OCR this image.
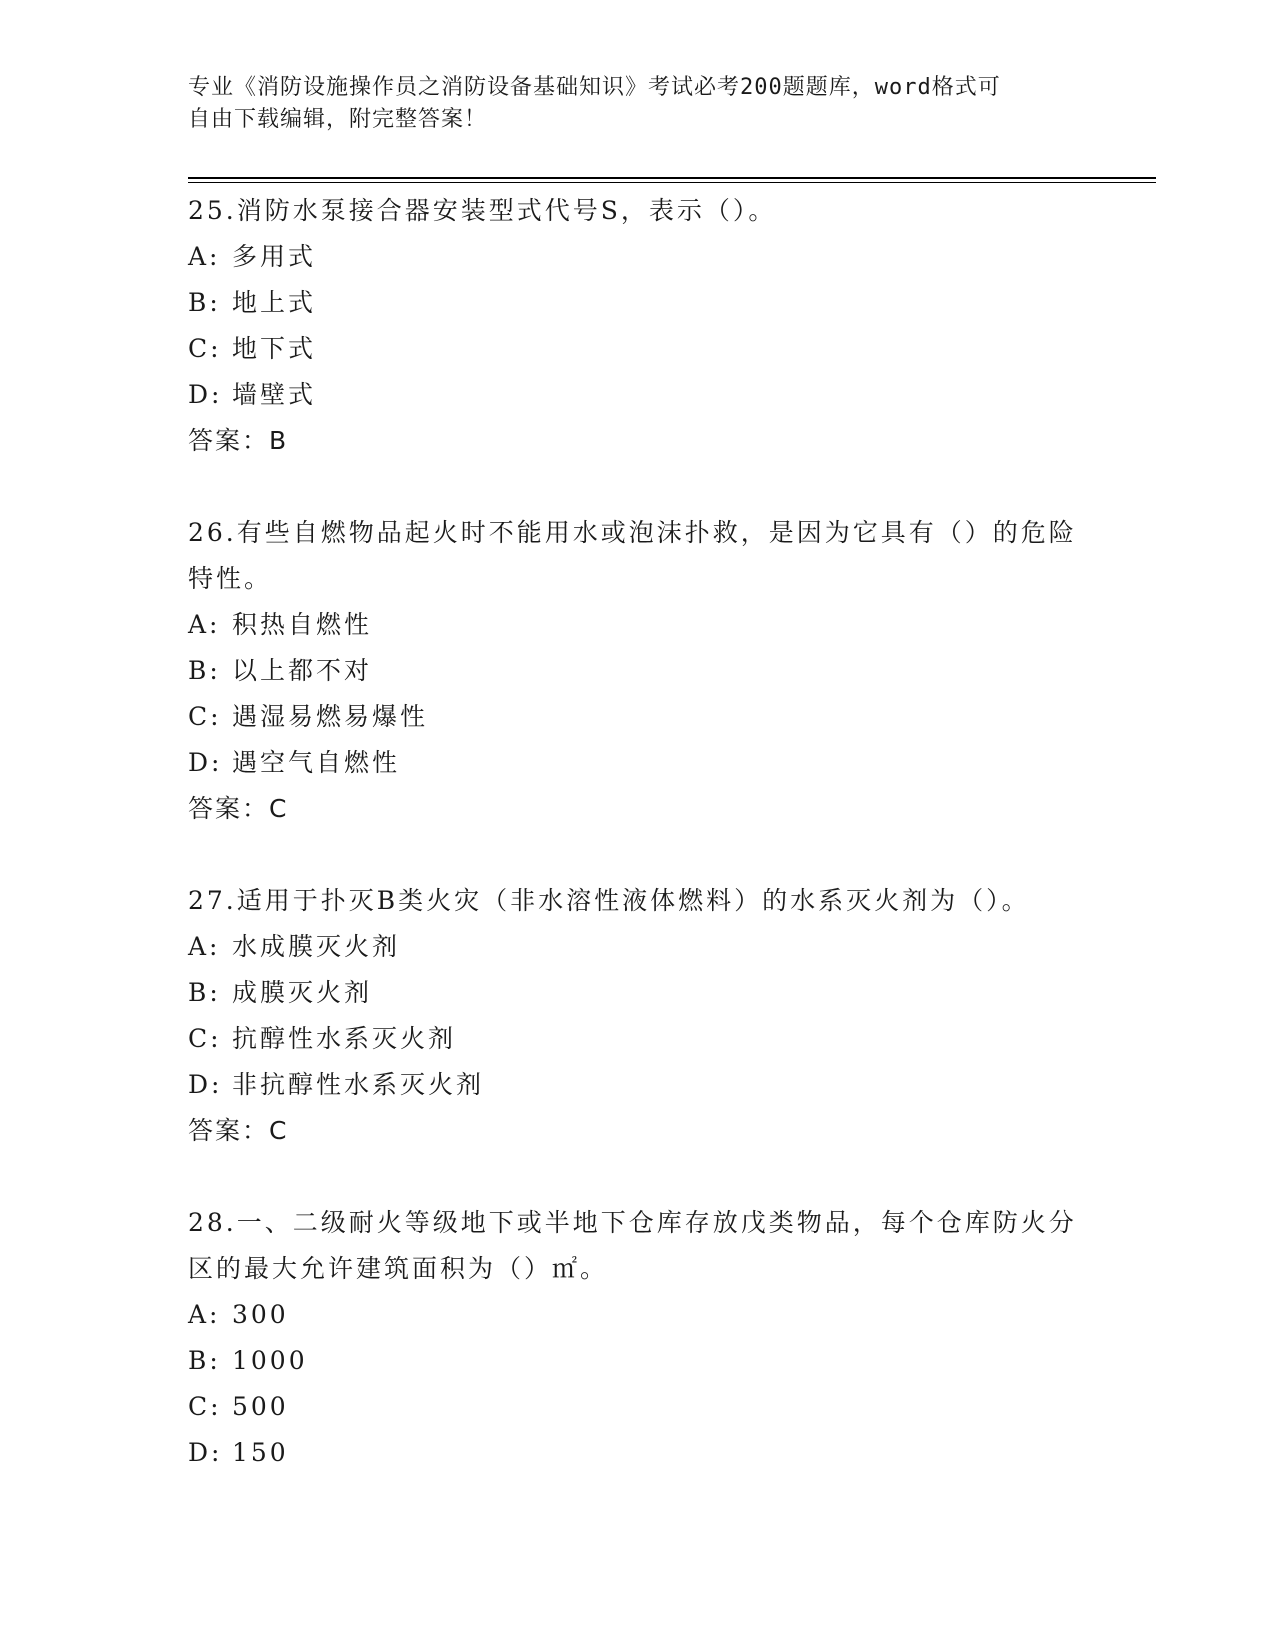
专业《消防设施操作员之消防设备基础知识》考试必考200题题库，word格式可
自由下载编辑，附完整答案！
25.消防水泵接合器安装型式代号S，表示（）。
A: 多用式
B: 地上式
C: 地下式
D: 墙壁式
答案：B
26.有些自燃物品起火时不能用水或泡沫扑救，是因为它具有（）的危险特性。
A: 积热自燃性
B: 以上都不对
C: 遇湿易燃易爆性
D: 遇空气自燃性
答案：C
27.适用于扑灭B类火灾（非水溶性液体燃料）的水系灭火剂为（）。
A: 水成膜灭火剂
B: 成膜灭火剂
C: 抗醇性水系灭火剂
D: 非抗醇性水系灭火剂
答案：C
28.一、二级耐火等级地下或半地下仓库存放戊类物品，每个仓库防火分区的最大允许建筑面积为（）㎡。
A: 300
B: 1000
C: 500
D: 150
